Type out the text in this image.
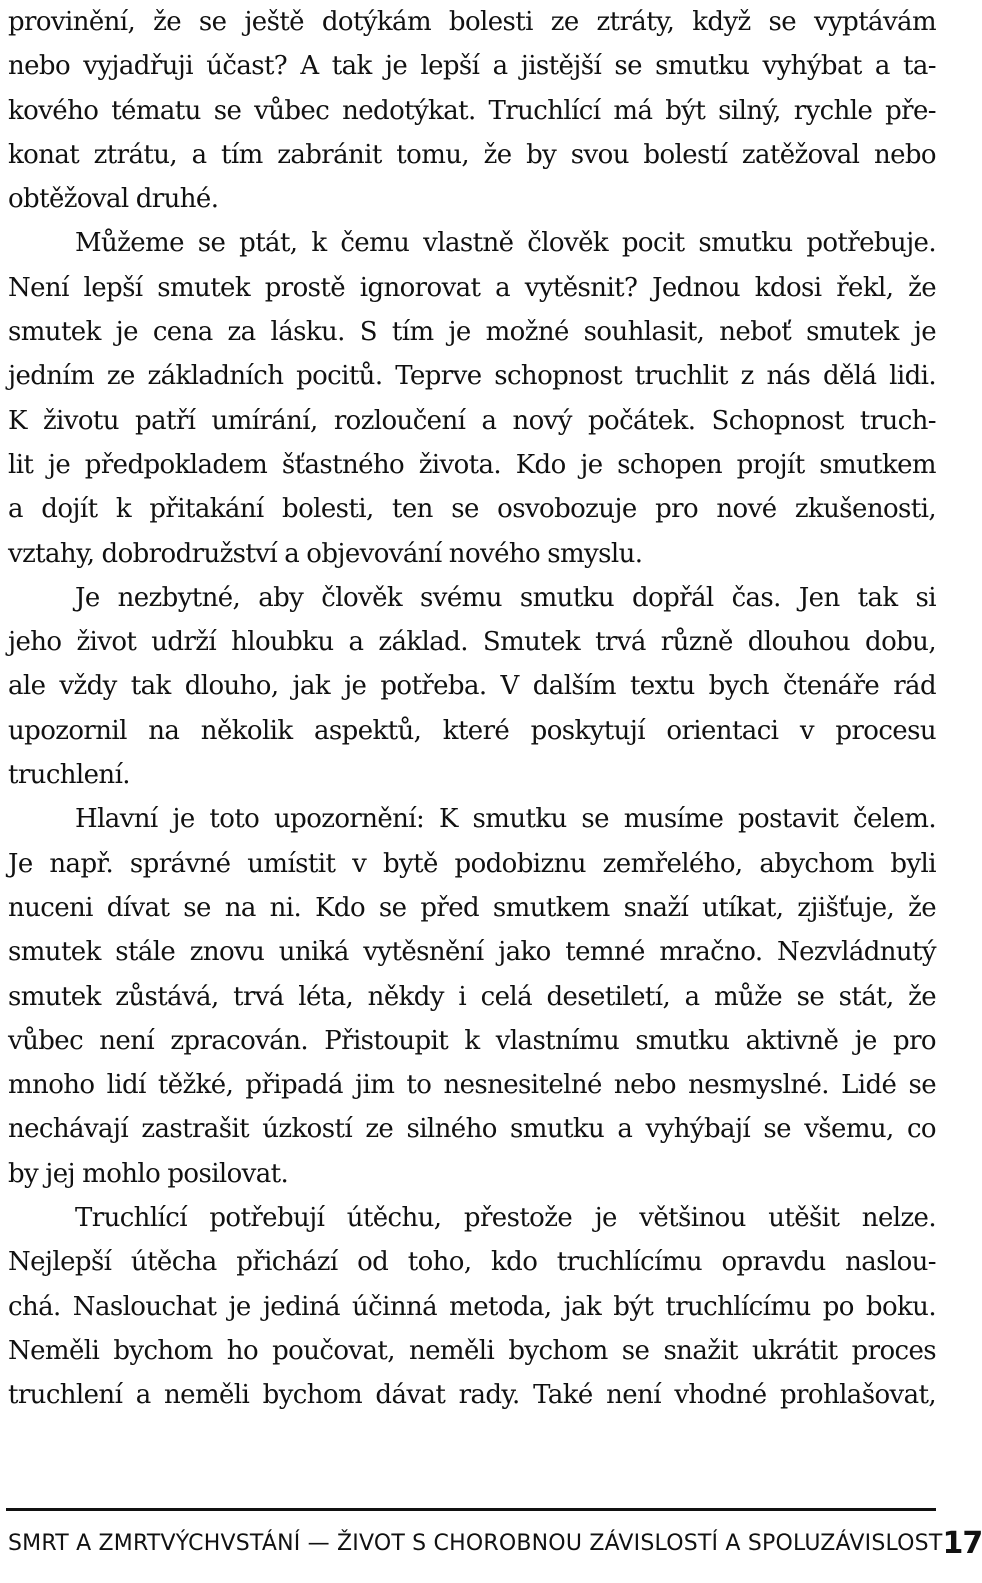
provinění, že se ještě dotýkám bolesti ze ztráty, když se vyptávám
nebo vyjadřuji účast? A tak je lepší a jistější se smutku vyhýbat a ta-
kového tématu se vůbec nedotýkat. Truchlící má být silný, rychle pře-
konat ztrátu, a tím zabránit tomu, že by svou bolestí zatěžoval nebo
obtěžoval druhé.
Můžeme se ptát, k čemu vlastně člověk pocit smutku potřebuje.
Není lepší smutek prostě ignorovat a vytěsnit? Jednou kdosi řekl, že
smutek je cena za lásku. S tím je možné souhlasit, neboť smutek je
jedním ze základních pocitů. Teprve schopnost truchlit z nás dělá lidi.
K životu patří umírání, rozloučení a nový počátek. Schopnost truch-
lit je předpokladem šťastného života. Kdo je schopen projít smutkem
a dojít k přitakání bolesti, ten se osvobozuje pro nové zkušenosti,
vztahy, dobrodružství a objevování nového smyslu.
Je nezbytné, aby člověk svému smutku dopřál čas. Jen tak si
jeho život udrží hloubku a základ. Smutek trvá různě dlouhou dobu,
ale vždy tak dlouho, jak je potřeba. V dalším textu bych čtenáře rád
upozornil na několik aspektů, které poskytují orientaci v procesu
truchlení.
Hlavní je toto upozornění: K smutku se musíme postavit čelem.
Je např. správné umístit v bytě podobiznu zemřelého, abychom byli
nuceni dívat se na ni. Kdo se před smutkem snaží utíkat, zjišťuje, že
smutek stále znovu uniká vytěsnění jako temné mračno. Nezvládnutý
smutek zůstává, trvá léta, někdy i celá desetiletí, a může se stát, že
vůbec není zpracován. Přistoupit k vlastnímu smutku aktivně je pro
mnoho lidí těžké, připadá jim to nesnesitelné nebo nesmyslné. Lidé se
nechávají zastrašit úzkostí ze silného smutku a vyhýbají se všemu, co
by jej mohlo posilovat.
Truchlící potřebují útěchu, přestože je většinou utěšit nelze.
Nejlepší útěcha přichází od toho, kdo truchlícímu opravdu naslou-
chá. Naslouchat je jediná účinná metoda, jak být truchlícímu po boku.
Neměli bychom ho poučovat, neměli bychom se snažit ukrátit proces
truchlení a neměli bychom dávat rady. Také není vhodné prohlašovat,
SMRT A ZMRTVÝCHVSTÁNÍ — ŽIVOT S CHOROBNOU ZÁVISLOSTÍ A SPOLUZÁVISLOST 17
